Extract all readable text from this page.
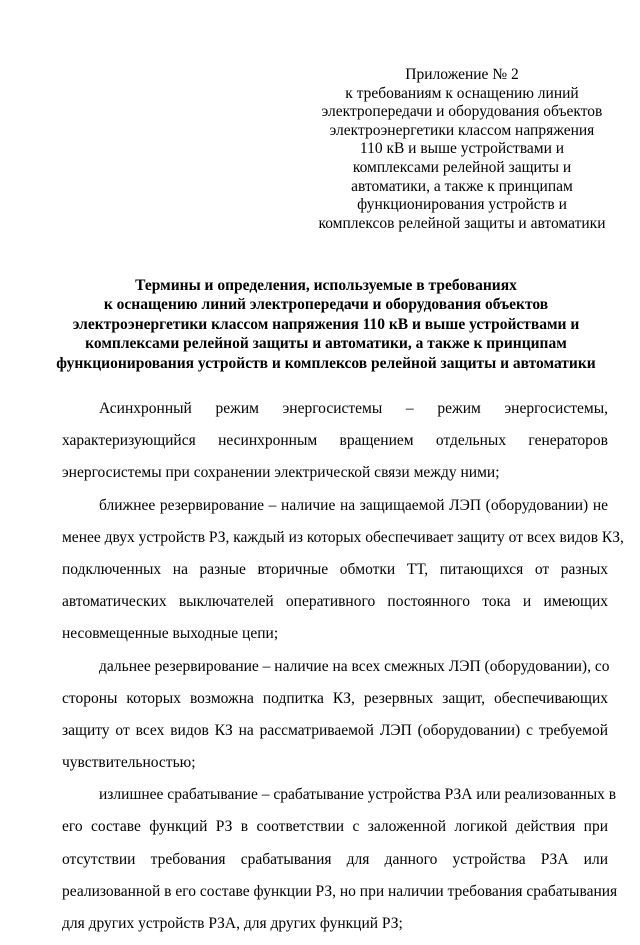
Приложение № 2
к требованиям к оснащению линий
электропередачи и оборудования объектов
электроэнергетики классом напряжения
110 кВ и выше устройствами и
комплексами релейной защиты и
автоматики, а также к принципам
функционирования устройств и
комплексов релейной защиты и автоматики
Термины и определения, используемые в требованиях
к оснащению линий электропередачи и оборудования объектов
электроэнергетики классом напряжения 110 кВ и выше устройствами и
комплексами релейной защиты и автоматики, а также к принципам
функционирования устройств и комплексов релейной защиты и автоматики
Асинхронный режим энергосистемы – режим энергосистемы,
характеризующийся несинхронным вращением отдельных генераторов
энергосистемы при сохранении электрической связи между ними;
ближнее резервирование – наличие на защищаемой ЛЭП (оборудовании) не
менее двух устройств РЗ, каждый из которых обеспечивает защиту от всех видов КЗ,
подключенных на разные вторичные обмотки ТТ, питающихся от разных
автоматических выключателей оперативного постоянного тока и имеющих
несовмещенные выходные цепи;
дальнее резервирование – наличие на всех смежных ЛЭП (оборудовании), со
стороны которых возможна подпитка КЗ, резервных защит, обеспечивающих
защиту от всех видов КЗ на рассматриваемой ЛЭП (оборудовании) с требуемой
чувствительностью;
излишнее срабатывание – срабатывание устройства РЗА или реализованных в
его составе функций РЗ в соответствии с заложенной логикой действия при
отсутствии требования срабатывания для данного устройства РЗА или
реализованной в его составе функции РЗ, но при наличии требования срабатывания
для других устройств РЗА, для других функций РЗ;
